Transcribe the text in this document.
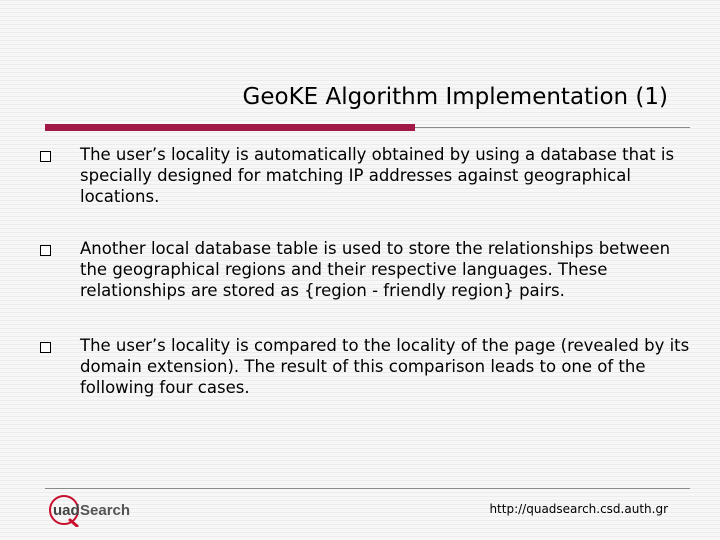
GeoKE Algorithm Implementation (1)
The user’s locality is automatically obtained by using a database that is specially designed for matching IP addresses against geographical locations.
Another local database table is used to store the relationships between the geographical regions and their respective languages. These relationships are stored as {region - friendly region} pairs.
The user’s locality is compared to the locality of the page (revealed by its domain extension). The result of this comparison leads to one of the following four cases.
uad Search	http://quadsearch.csd.auth.gr
